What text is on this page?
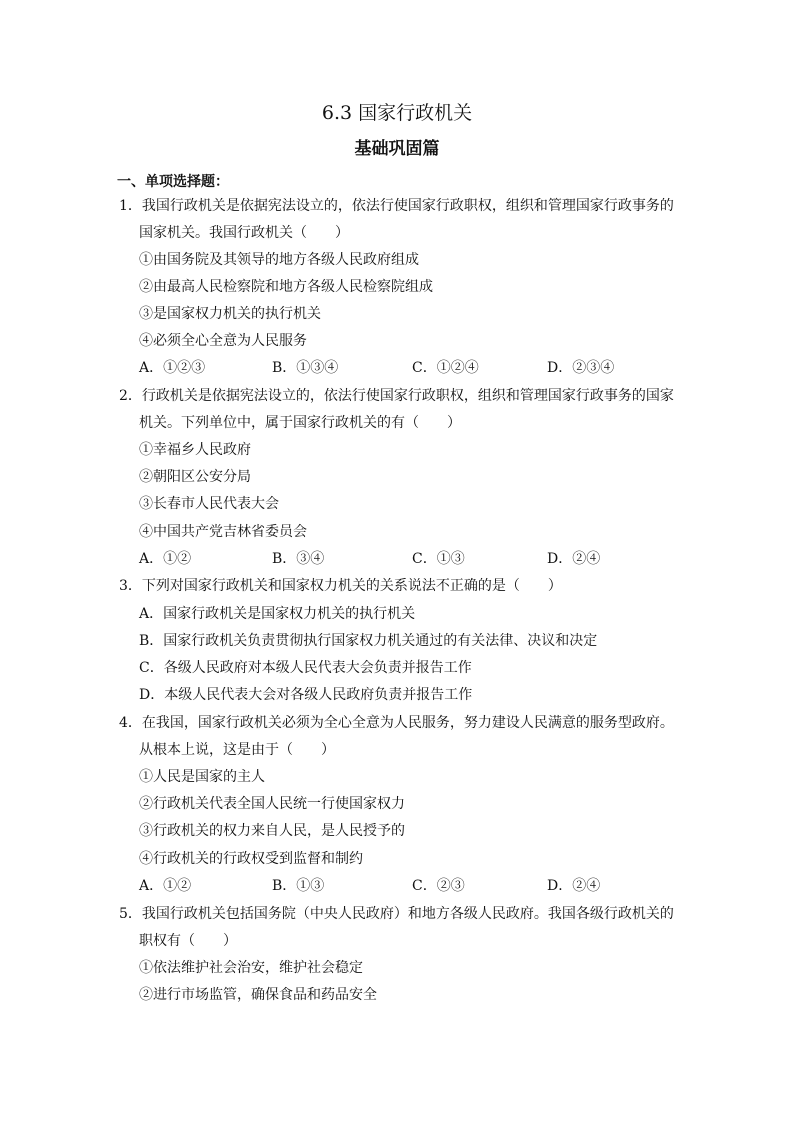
6.3 国家行政机关
基础巩固篇
一、单项选择题：
1．我国行政机关是依据宪法设立的，依法行使国家行政职权，组织和管理国家行政事务的
国家机关。我国行政机关（　　）
①由国务院及其领导的地方各级人民政府组成
②由最高人民检察院和地方各级人民检察院组成
③是国家权力机关的执行机关
④必须全心全意为人民服务
A．①②③	B．①③④	C．①②④	D．②③④
2．行政机关是依据宪法设立的，依法行使国家行政职权，组织和管理国家行政事务的国家
机关。下列单位中，属于国家行政机关的有（　　）
①幸福乡人民政府
②朝阳区公安分局
③长春市人民代表大会
④中国共产党吉林省委员会
A．①②	B．③④	C．①③	D．②④
3．下列对国家行政机关和国家权力机关的关系说法不正确的是（　　）
A．国家行政机关是国家权力机关的执行机关
B．国家行政机关负责贯彻执行国家权力机关通过的有关法律、决议和决定
C．各级人民政府对本级人民代表大会负责并报告工作
D．本级人民代表大会对各级人民政府负责并报告工作
4．在我国，国家行政机关必须为全心全意为人民服务，努力建设人民满意的服务型政府。
从根本上说，这是由于（　　）
①人民是国家的主人
②行政机关代表全国人民统一行使国家权力
③行政机关的权力来自人民，是人民授予的
④行政机关的行政权受到监督和制约
A．①②	B．①③	C．②③	D．②④
5．我国行政机关包括国务院（中央人民政府）和地方各级人民政府。我国各级行政机关的
职权有（　　）
①依法维护社会治安，维护社会稳定
②进行市场监管，确保食品和药品安全
